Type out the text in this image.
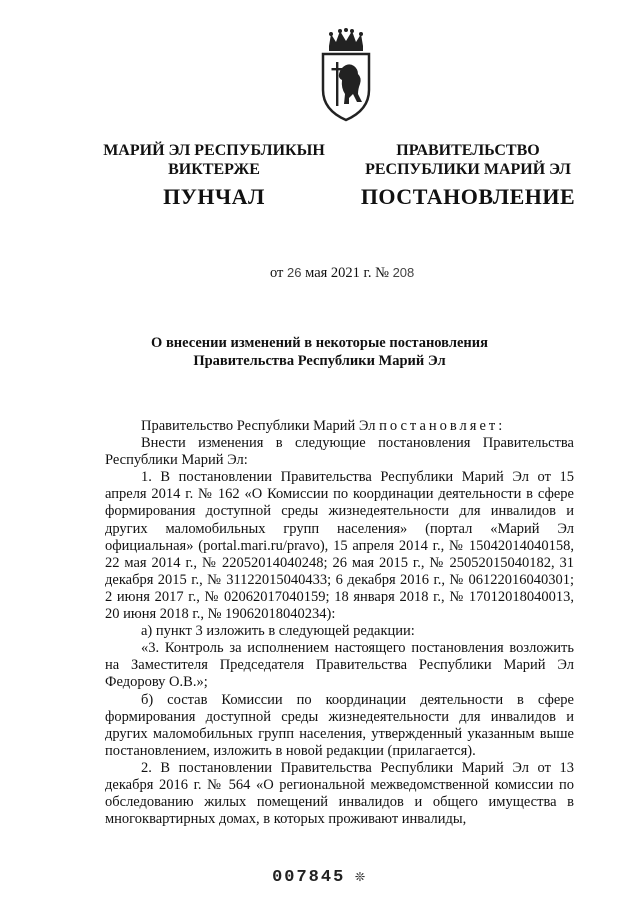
МАРИЙ ЭЛ РЕСПУБЛИКЫН
ВИКТЕРЖЕ
ПУНЧАЛ
ПРАВИТЕЛЬСТВО
РЕСПУБЛИКИ МАРИЙ ЭЛ
ПОСТАНОВЛЕНИЕ
от 26 мая 2021 г. № 208
О внесении изменений в некоторые постановления
Правительства Республики Марий Эл

Правительство Республики Марий Эл постановляет:

Внести изменения в следующие постановления Правительства Республики Марий Эл:

1. В постановлении Правительства Республики Марий Эл от 15 апреля 2014 г. № 162 «О Комиссии по координации деятельности в сфере формирования доступной среды жизнедеятельности для инвалидов и других маломобильных групп населения» (портал «Марий Эл официальная» (portal.mari.ru/pravo), 15 апреля 2014 г., № 15042014040158, 22 мая 2014 г., № 22052014040248; 26 мая 2015 г., № 25052015040182, 31 декабря 2015 г., № 31122015040433; 6 декабря 2016 г., № 06122016040301; 2 июня 2017 г., № 02062017040159; 18 января 2018 г., № 17012018040013, 20 июня 2018 г., № 19062018040234):

а) пункт 3 изложить в следующей редакции:

«3. Контроль за исполнением настоящего постановления возложить на Заместителя Председателя Правительства Республики Марий Эл Федорову О.В.»;

б) состав Комиссии по координации деятельности в сфере формирования доступной среды жизнедеятельности для инвалидов и других маломобильных групп населения, утвержденный указанным выше постановлением, изложить в новой редакции (прилагается).

2. В постановлении Правительства Республики Марий Эл от 13 декабря 2016 г. № 564 «О региональной межведомственной комиссии по обследованию жилых помещений инвалидов и общего имущества в многоквартирных домах, в которых проживают инвалиды,

007845 ❊
